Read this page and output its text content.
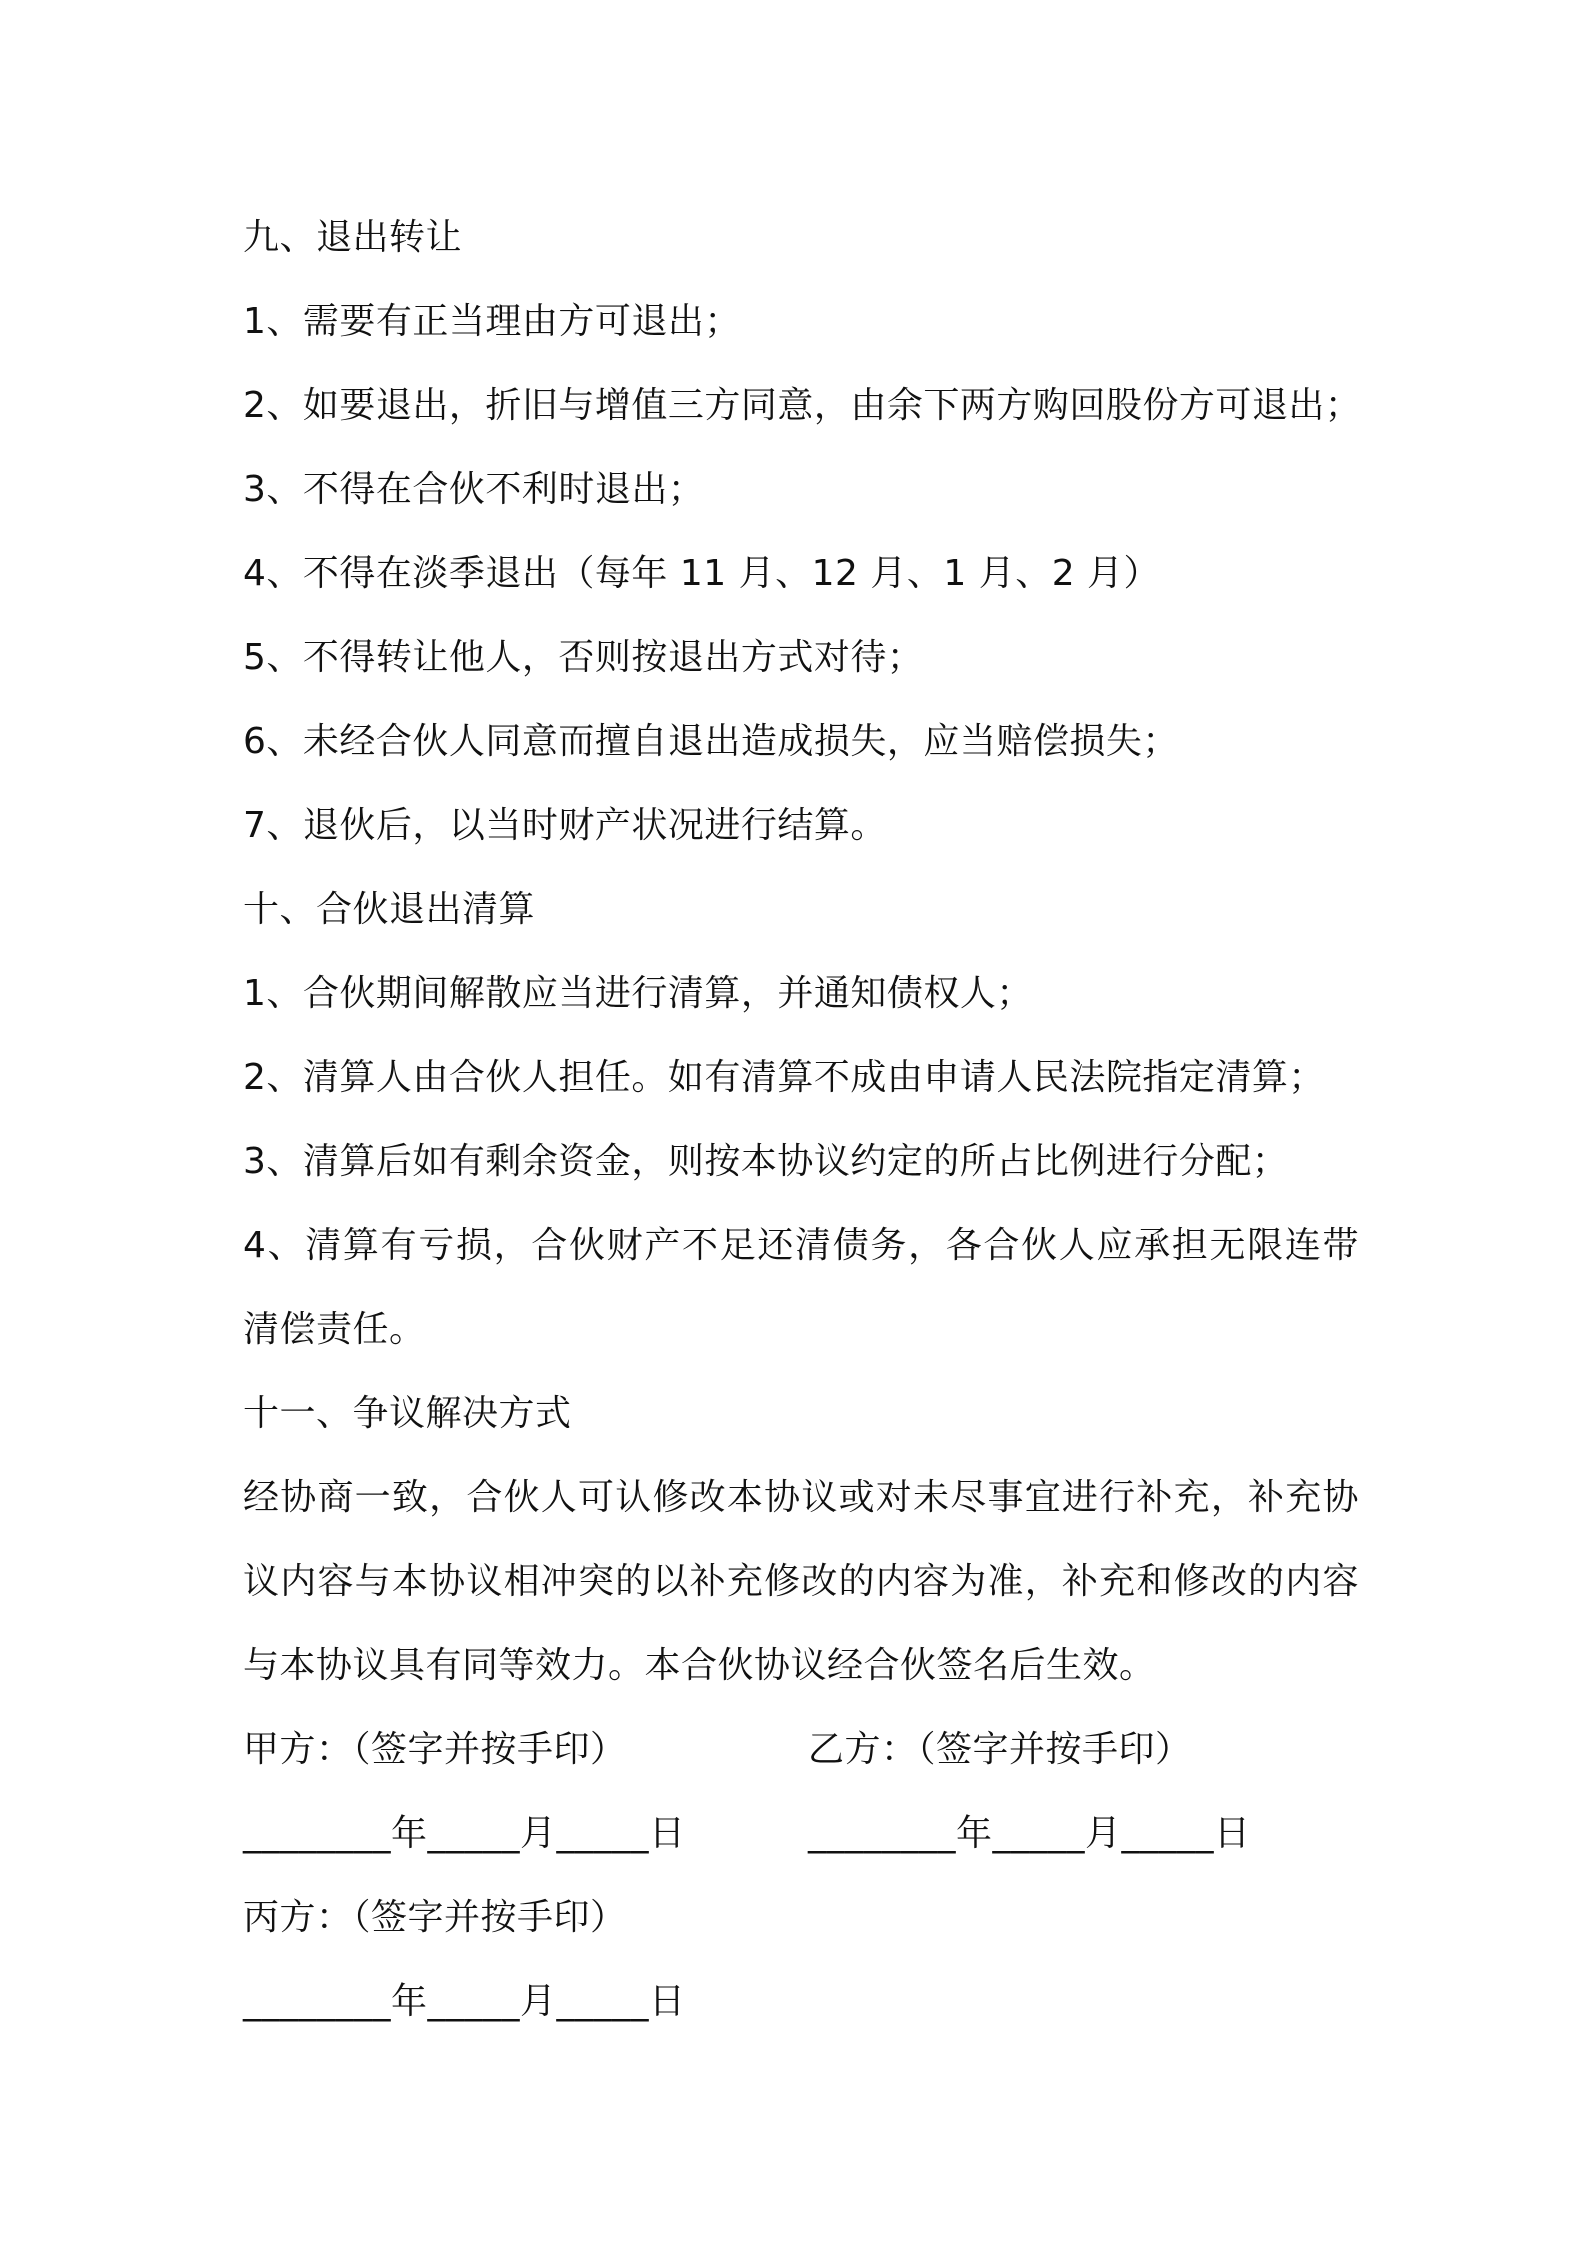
九、退出转让
1、需要有正当理由方可退出；
2、如要退出，折旧与增值三方同意，由余下两方购回股份方可退出；
3、不得在合伙不利时退出；
4、不得在淡季退出（每年 11 月、12 月、1 月、2 月）
5、不得转让他人，否则按退出方式对待；
6、未经合伙人同意而擅自退出造成损失，应当赔偿损失；
7、退伙后，以当时财产状况进行结算。
十、合伙退出清算
1、合伙期间解散应当进行清算，并通知债权人；
2、清算人由合伙人担任。如有清算不成由申请人民法院指定清算；
3、清算后如有剩余资金，则按本协议约定的所占比例进行分配；
4、清算有亏损，合伙财产不足还清债务，各合伙人应承担无限连带清偿责任。
十一、争议解决方式
经协商一致，合伙人可认修改本协议或对未尽事宜进行补充，补充协议内容与本协议相冲突的以补充修改的内容为准，补充和修改的内容与本协议具有同等效力。本合伙协议经合伙签名后生效。
甲方：（签字并按手印）	乙方：（签字并按手印）
________年_____月_____日	________年_____月_____日
丙方：（签字并按手印）
________年_____月_____日
